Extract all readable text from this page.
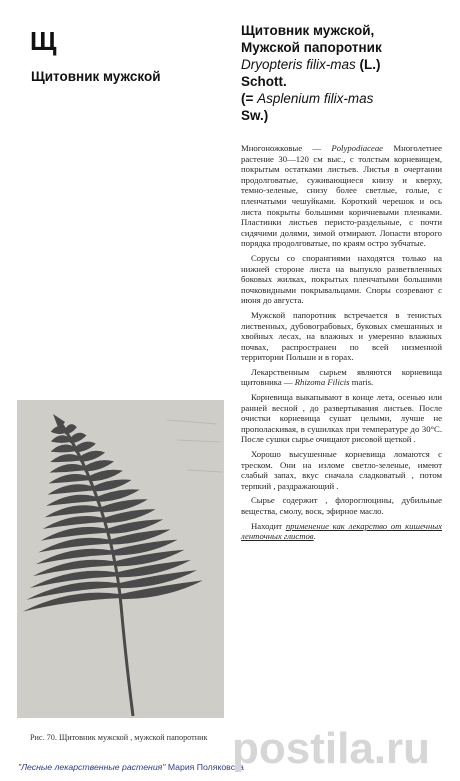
Щ
Щитовник мужской
Щитовник мужской,
Мужской папоротник
Dryopteris filix-mas (L.)
Schott.
(= Asplenium filix-mas
Sw.)

Многоножковые — Polypodiaceae Многолетнее растение 30—120 см выс., с толстым корневищем, покрытым остатками листьев. Листья в очертании продолговатые, суживающиеся книзу и кверху, темно-зеленые, снизу более светлые, голые, с пленчатыми чешуйками. Короткий черешок и ось листа покрыты большими коричневыми пленками. Пластинки листьев перисто-раздельные, с почти сидячими долями, зимой отмирают. Лопасти второго порядка продолговатые, по краям остро зубчатые.

Сорусы со спорангиями находятся только на нижней стороне листа на выпукло разветвленных боковых жилках, покрытых пленчатыми большими почковидными покрывальцами. Споры созревают с июня до августа.

Мужской папоротник встречается в тенистых лиственных, дубовограбовых, буковых смешанных и хвойных лесах, на влажных и умеренно влажных почвах, распространен по всей низменной территории Польши и в горах.

Лекарственным сырьем являются корневища щитовника — Rhizoma Filicis maris.

Корневища выкапывают в конце лета, осенью или ранней весной , до развертывания листьев. После очистки корневища сушат целыми, лучше не прополаскивая, в сушилках при температуре до 30°С. После сушки сырье очищают рисовой щеткой .

Хорошо высушенные корневища ломаются с треском. Они на изломе светло-зеленые, имеют слабый запах, вкус сначала сладковатый , потом терпкий , раздражающий .

Сырье содержит , флороглюцины, дубильные вещества, смолу, воск, эфирное масло.

Находит применение как лекарство от кишечных ленточных глистов.

Рис. 70. Щитовник мужской , мужской папоротник
"Лесные лекарственные растения" Мария Поляковска
postila.ru
